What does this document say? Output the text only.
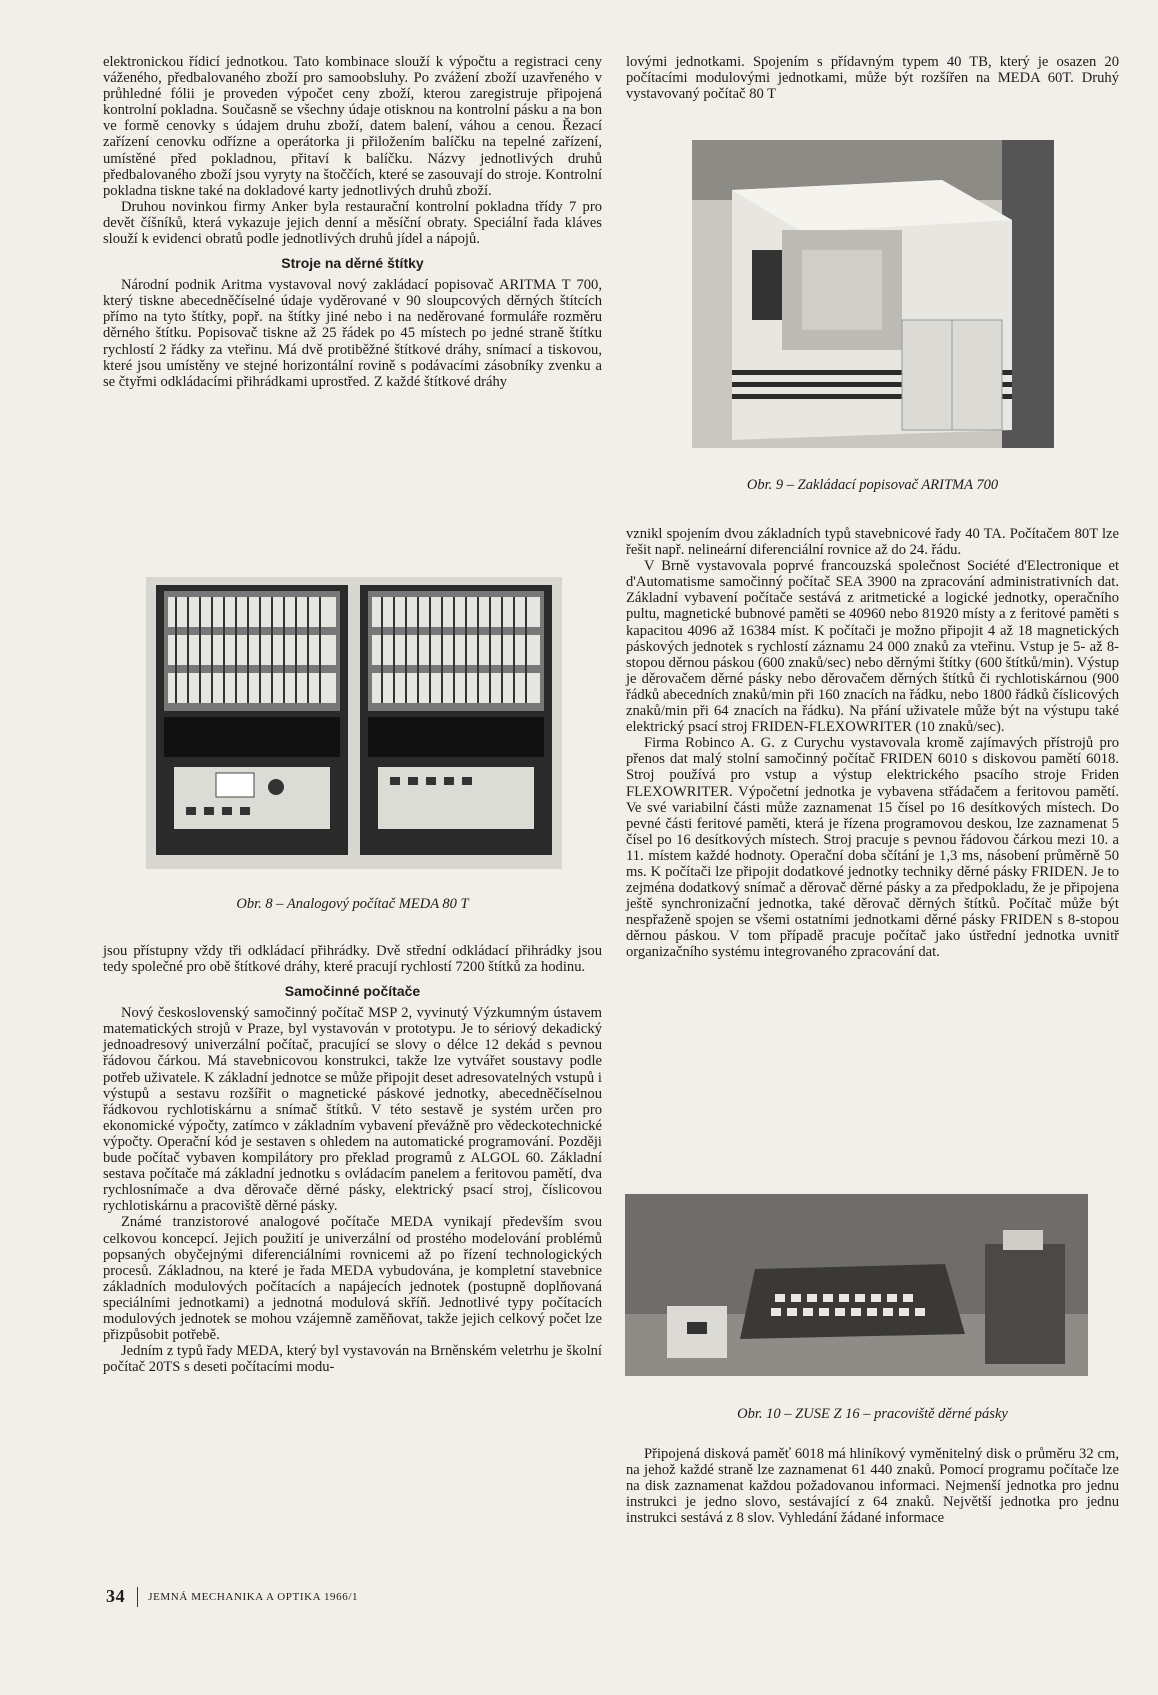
elektronickou řídicí jednotkou. Tato kombinace slouží k výpočtu a registraci ceny váženého, předbalovaného zboží pro samoobsluhy. Po zvážení zboží uzavřeného v průhledné fólii je proveden výpočet ceny zboží, kterou zaregistruje připojená kontrolní pokladna. Současně se všechny údaje otisknou na kontrolní pásku a na bon ve formě cenovky s údajem druhu zboží, datem balení, váhou a cenou. Řezací zařízení cenovku odřízne a operátorka ji přiložením balíčku na tepelné zařízení, umístěné před pokladnou, přitaví k balíčku. Názvy jednotlivých druhů předbalovaného zboží jsou vyryty na štoččích, které se zasouvají do stroje. Kontrolní pokladna tiskne také na dokladové karty jednotlivých druhů zboží.

Druhou novinkou firmy Anker byla restaurační kontrolní pokladna třídy 7 pro devět číšníků, která vykazuje jejich denní a měsíční obraty. Speciální řada kláves slouží k evidenci obratů podle jednotlivých druhů jídel a nápojů.

Stroje na děrné štítky

Národní podnik Aritma vystavoval nový zakládací popisovač ARITMA T 700, který tiskne abecedněčíselné údaje vyděrované v 90 sloupcových děrných štítcích přímo na tyto štítky, popř. na štítky jiné nebo i na neděrované formuláře rozměru děrného štítku. Popisovač tiskne až 25 řádek po 45 místech po jedné straně štítku rychlostí 2 řádky za vteřinu. Má dvě protiběžné štítkové dráhy, snímací a tiskovou, které jsou umístěny ve stejné horizontální rovině s podávacími zásobníky zvenku a se čtyřmi odkládacími přihrádkami uprostřed. Z každé štítkové dráhy

Obr. 8 – Analogový počítač MEDA 80 T

jsou přístupny vždy tři odkládací přihrádky. Dvě střední odkládací přihrádky jsou tedy společné pro obě štítkové dráhy, které pracují rychlostí 7200 štítků za hodinu.

Samočinné počítače

Nový československý samočinný počítač MSP 2, vyvinutý Výzkumným ústavem matematických strojů v Praze, byl vystavován v prototypu. Je to sériový dekadický jednoadresový univerzální počítač, pracující se slovy o délce 12 dekád s pevnou řádovou čárkou. Má stavebnicovou konstrukci, takže lze vytvářet soustavy podle potřeb uživatele. K základní jednotce se může připojit deset adresovatelných vstupů i výstupů a sestavu rozšířit o magnetické páskové jednotky, abecedněčíselnou řádkovou rychlotiskárnu a snímač štítků. V této sestavě je systém určen pro ekonomické výpočty, zatímco v základním vybavení převážně pro vědeckotechnické výpočty. Operační kód je sestaven s ohledem na automatické programování. Později bude počítač vybaven kompilátory pro překlad programů z ALGOL 60. Základní sestava počítače má základní jednotku s ovládacím panelem a feritovou pamětí, dva rychlosnímače a dva děrovače děrné pásky, elektrický psací stroj, číslicovou rychlotiskárnu a pracoviště děrné pásky.

Známé tranzistorové analogové počítače MEDA vynikají především svou celkovou koncepcí. Jejich použití je univerzální od prostého modelování problémů popsaných obyčejnými diferenciálními rovnicemi až po řízení technologických procesů. Základnou, na které je řada MEDA vybudována, je kompletní stavebnice základních modulových počítacích a napájecích jednotek (postupně doplňovaná speciálními jednotkami) a jednotná modulová skříň. Jednotlivé typy počítacích modulových jednotek se mohou vzájemně zaměňovat, takže jejich celkový počet lze přizpůsobit potřebě.

Jedním z typů řady MEDA, který byl vystavován na Brněnském veletrhu je školní počítač 20TS s deseti počítacími modu-

lovými jednotkami. Spojením s přídavným typem 40 TB, který je osazen 20 počítacími modulovými jednotkami, může být rozšířen na MEDA 60T. Druhý vystavovaný počítač 80 T

Obr. 9 – Zakládací popisovač ARITMA 700

vznikl spojením dvou základních typů stavebnicové řady 40 TA. Počítačem 80T lze řešit např. nelineární diferenciální rovnice až do 24. řádu.

V Brně vystavovala poprvé francouzská společnost Société d'Electronique et d'Automatisme samočinný počítač SEA 3900 na zpracování administrativních dat. Základní vybavení počítače sestává z aritmetické a logické jednotky, operačního pultu, magnetické bubnové paměti se 40960 nebo 81920 místy a z feritové paměti s kapacitou 4096 až 16384 míst. K počítači je možno připojit 4 až 18 magnetických páskových jednotek s rychlostí záznamu 24 000 znaků za vteřinu. Vstup je 5- až 8-stopou děrnou páskou (600 znaků/sec) nebo děrnými štítky (600 štítků/min). Výstup je děrovačem děrné pásky nebo děrovačem děrných štítků či rychlotiskárnou (900 řádků abecedních znaků/min při 160 znacích na řádku, nebo 1800 řádků číslicových znaků/min při 64 znacích na řádku). Na přání uživatele může být na výstupu také elektrický psací stroj FRIDEN-FLEXOWRITER (10 znaků/sec).

Firma Robinco A. G. z Curychu vystavovala kromě zajímavých přístrojů pro přenos dat malý stolní samočinný počítač FRIDEN 6010 s diskovou pamětí 6018. Stroj používá pro vstup a výstup elektrického psacího stroje Friden FLEXOWRITER. Výpočetní jednotka je vybavena střádačem a feritovou pamětí. Ve své variabilní části může zaznamenat 15 čísel po 16 desítkových místech. Do pevné části feritové paměti, která je řízena programovou deskou, lze zaznamenat 5 čísel po 16 desítkových místech. Stroj pracuje s pevnou řádovou čárkou mezi 10. a 11. místem každé hodnoty. Operační doba sčítání je 1,3 ms, násobení průměrně 50 ms. K počítači lze připojit dodatkové jednotky techniky děrné pásky FRIDEN. Je to zejména dodatkový snímač a děrovač děrné pásky a za předpokladu, že je připojena ještě synchronizační jednotka, také děrovač děrných štítků. Počítač může být nespřaženě spojen se všemi ostatními jednotkami děrné pásky FRIDEN s 8-stopou děrnou páskou. V tom případě pracuje počítač jako ústřední jednotka uvnitř organizačního systému integrovaného zpracování dat.

Obr. 10 – ZUSE Z 16 – pracoviště děrné pásky

Připojená disková paměť 6018 má hliníkový vyměnitelný disk o průměru 32 cm, na jehož každé straně lze zaznamenat 61 440 znaků. Pomocí programu počítače lze na disk zaznamenat každou požadovanou informaci. Nejmenší jednotka pro jednu instrukci je jedno slovo, sestávající z 64 znaků. Největší jednotka pro jednu instrukci sestává z 8 slov. Vyhledání žádané informace

34 JEMNÁ MECHANIKA A OPTIKA 1966/1
